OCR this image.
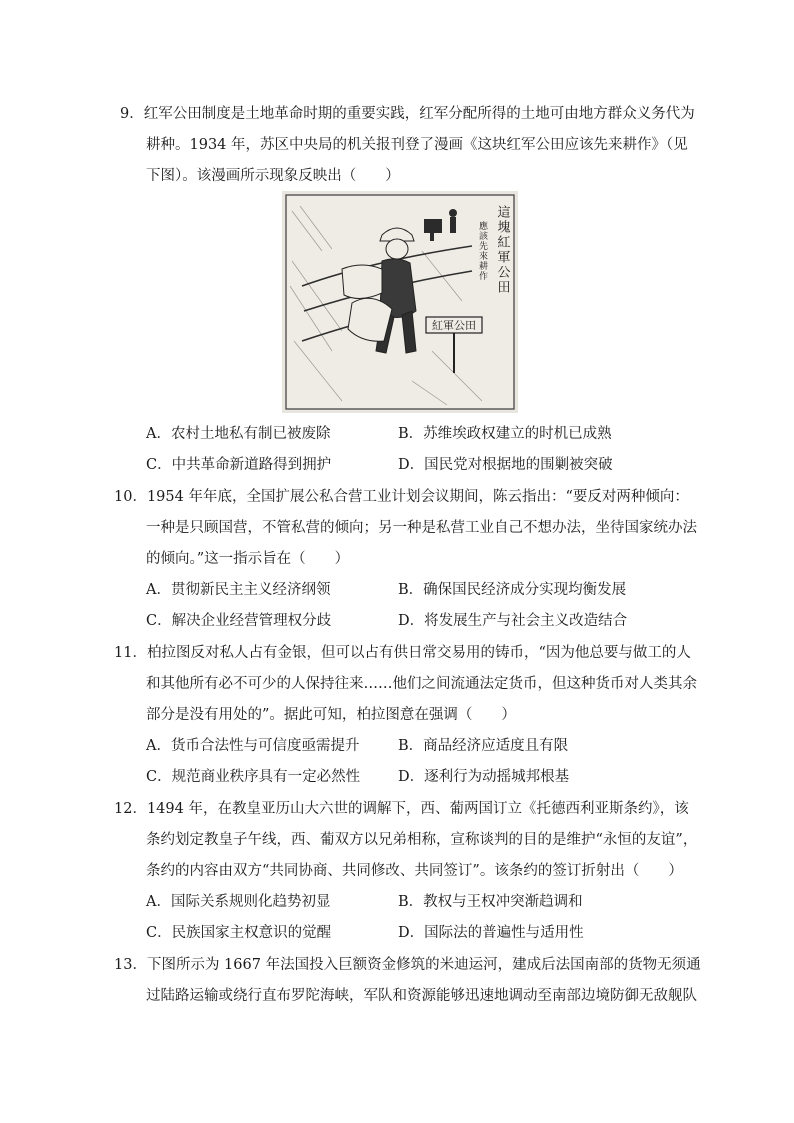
9．红军公田制度是土地革命时期的重要实践，红军分配所得的土地可由地方群众义务代为
耕种。1934 年，苏区中央局的机关报刊登了漫画《这块红军公田应该先来耕作》（见
下图）。该漫画所示现象反映出（　　）
紅軍公田
這塊紅軍公田
應該先來耕作
A．农村土地私有制已被废除	B．苏维埃政权建立的时机已成熟
C．中共革命新道路得到拥护	D．国民党对根据地的围剿被突破
10．1954 年年底，全国扩展公私合营工业计划会议期间，陈云指出：“要反对两种倾向：
一种是只顾国营，不管私营的倾向；另一种是私营工业自己不想办法，坐待国家统办法
的倾向。”这一指示旨在（　　）
A．贯彻新民主主义经济纲领	B．确保国民经济成分实现均衡发展
C．解决企业经营管理权分歧	D．将发展生产与社会主义改造结合
11．柏拉图反对私人占有金银，但可以占有供日常交易用的铸币，“因为他总要与做工的人
和其他所有必不可少的人保持往来……他们之间流通法定货币，但这种货币对人类其余
部分是没有用处的”。据此可知，柏拉图意在强调（　　）
A．货币合法性与可信度亟需提升	B．商品经济应适度且有限
C．规范商业秩序具有一定必然性	D．逐利行为动摇城邦根基
12．1494 年，在教皇亚历山大六世的调解下，西、葡两国订立《托德西利亚斯条约》，该
条约划定教皇子午线，西、葡双方以兄弟相称，宣称谈判的目的是维护“永恒的友谊”，
条约的内容由双方“共同协商、共同修改、共同签订”。该条约的签订折射出（　　）
A．国际关系规则化趋势初显	B．教权与王权冲突渐趋调和
C．民族国家主权意识的觉醒	D．国际法的普遍性与适用性
13．下图所示为 1667 年法国投入巨额资金修筑的米迪运河，建成后法国南部的货物无须通
过陆路运输或绕行直布罗陀海峡，军队和资源能够迅速地调动至南部边境防御无敌舰队
